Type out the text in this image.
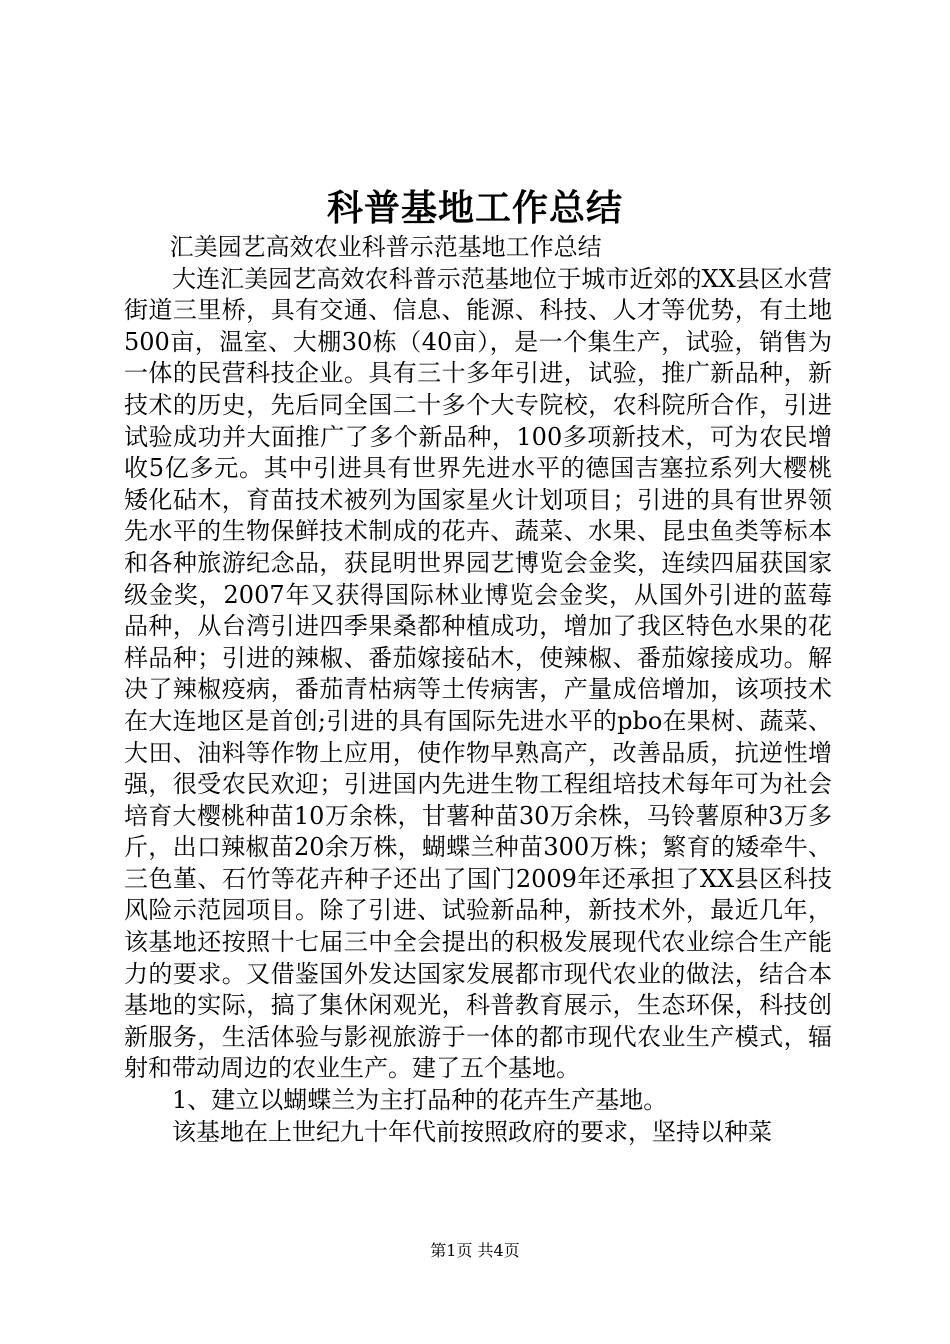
科普基地工作总结

汇美园艺高效农业科普示范基地工作总结

大连汇美园艺高效农科普示范基地位于城市近郊的XX县区水营街道三里桥，具有交通、信息、能源、科技、人才等优势，有土地500亩，温室、大棚30栋（40亩），是一个集生产，试验，销售为一体的民营科技企业。具有三十多年引进，试验，推广新品种，新技术的历史，先后同全国二十多个大专院校，农科院所合作，引进试验成功并大面推广了多个新品种，100多项新技术，可为农民增收5亿多元。其中引进具有世界先进水平的德国吉塞拉系列大樱桃矮化砧木，育苗技术被列为国家星火计划项目；引进的具有世界领先水平的生物保鲜技术制成的花卉、蔬菜、水果、昆虫鱼类等标本和各种旅游纪念品，获昆明世界园艺博览会金奖，连续四届获国家级金奖，2007年又获得国际林业博览会金奖，从国外引进的蓝莓品种，从台湾引进四季果桑都种植成功，增加了我区特色水果的花样品种；引进的辣椒、番茄嫁接砧木，使辣椒、番茄嫁接成功。解决了辣椒疫病，番茄青枯病等土传病害，产量成倍增加，该项技术在大连地区是首创;引进的具有国际先进水平的pbo在果树、蔬菜、大田、油料等作物上应用，使作物早熟高产，改善品质，抗逆性增强，很受农民欢迎；引进国内先进生物工程组培技术每年可为社会培育大樱桃种苗10万余株，甘薯种苗30万余株，马铃薯原种3万多斤，出口辣椒苗20余万株，蝴蝶兰种苗300万株；繁育的矮牵牛、三色堇、石竹等花卉种子还出了国门2009年还承担了XX县区科技风险示范园项目。除了引进、试验新品种，新技术外，最近几年，该基地还按照十七届三中全会提出的积极发展现代农业综合生产能力的要求。又借鉴国外发达国家发展都市现代农业的做法，结合本基地的实际，搞了集休闲观光，科普教育展示，生态环保，科技创新服务，生活体验与影视旅游于一体的都市现代农业生产模式，辐射和带动周边的农业生产。建了五个基地。

1、建立以蝴蝶兰为主打品种的花卉生产基地。

该基地在上世纪九十年代前按照政府的要求，坚持以种菜

第1页 共4页
